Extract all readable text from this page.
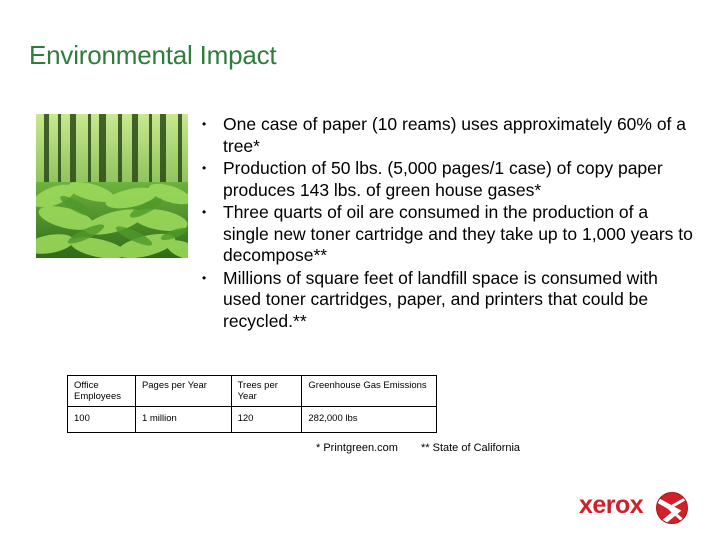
Environmental Impact
• One case of paper (10 reams) uses approximately 60% of a tree*
• Production of 50 lbs. (5,000 pages/1 case) of copy paper produces 143 lbs. of green house gases*
• Three quarts of oil are consumed in the production of a single new toner cartridge and they take up to 1,000 years to decompose**
• Millions of square feet of landfill space is consumed with used toner cartridges, paper, and printers that could be recycled.**
Office Employees	Pages per Year	Trees per Year	Greenhouse Gas Emissions
100	1 million	120	282,000 lbs
* Printgreen.com ** State of California
xerox
